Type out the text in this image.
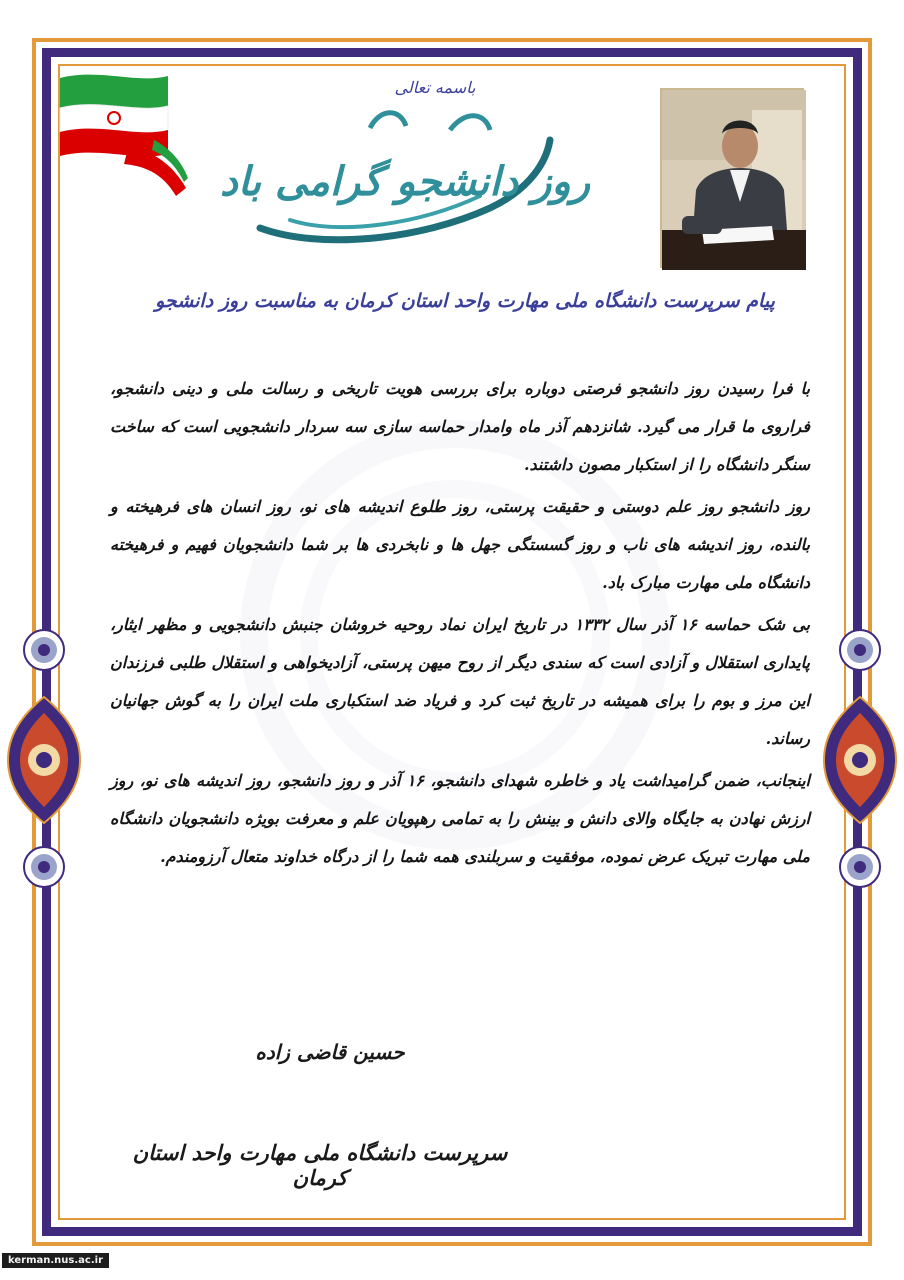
باسمه تعالی
روز دانشجو گرامی باد
پیام سرپرست دانشگاه ملی مهارت واحد استان کرمان به مناسبت روز دانشجو

با فرا رسیدن روز دانشجو فرصتی دوباره برای بررسی هویت تاریخی و رسالت ملی و دینی دانشجو، فراروی ما قرار می گیرد. شانزدهم آذر ماه وامدار حماسه سازی سه سردار دانشجویی است که ساخت سنگر دانشگاه را از استکبار مصون داشتند.

روز دانشجو روز علم دوستی و حقیقت پرستی، روز طلوع اندیشه های نو، روز انسان های فرهیخته و بالنده، روز اندیشه های ناب و روز گسستگی جهل ها و نابخردی ها بر شما دانشجویان فهیم و فرهیخته دانشگاه ملی مهارت مبارک باد.

بی شک حماسه ۱۶ آذر سال ۱۳۳۲ در تاریخ ایران نماد روحیه خروشان جنبش دانشجویی و مظهر ایثار، پایداری استقلال و آزادی است که سندی دیگر از روح میهن پرستی، آزادیخواهی و استقلال طلبی فرزندان این مرز و بوم را برای همیشه در تاریخ ثبت کرد و فریاد ضد استکباری ملت ایران را به گوش جهانیان رساند.

اینجانب، ضمن گرامیداشت یاد و خاطره شهدای دانشجو، ۱۶ آذر و روز دانشجو، روز اندیشه های نو، روز ارزش نهادن به جایگاه والای دانش و بینش را به تمامی رهپویان علم و معرفت بویژه دانشجویان دانشگاه ملی مهارت تبریک عرض نموده، موفقیت و سربلندی همه شما را از درگاه خداوند متعال آرزومندم.

حسین قاضی زاده
سرپرست دانشگاه ملی مهارت واحد استان کرمان
kerman.nus.ac.ir
